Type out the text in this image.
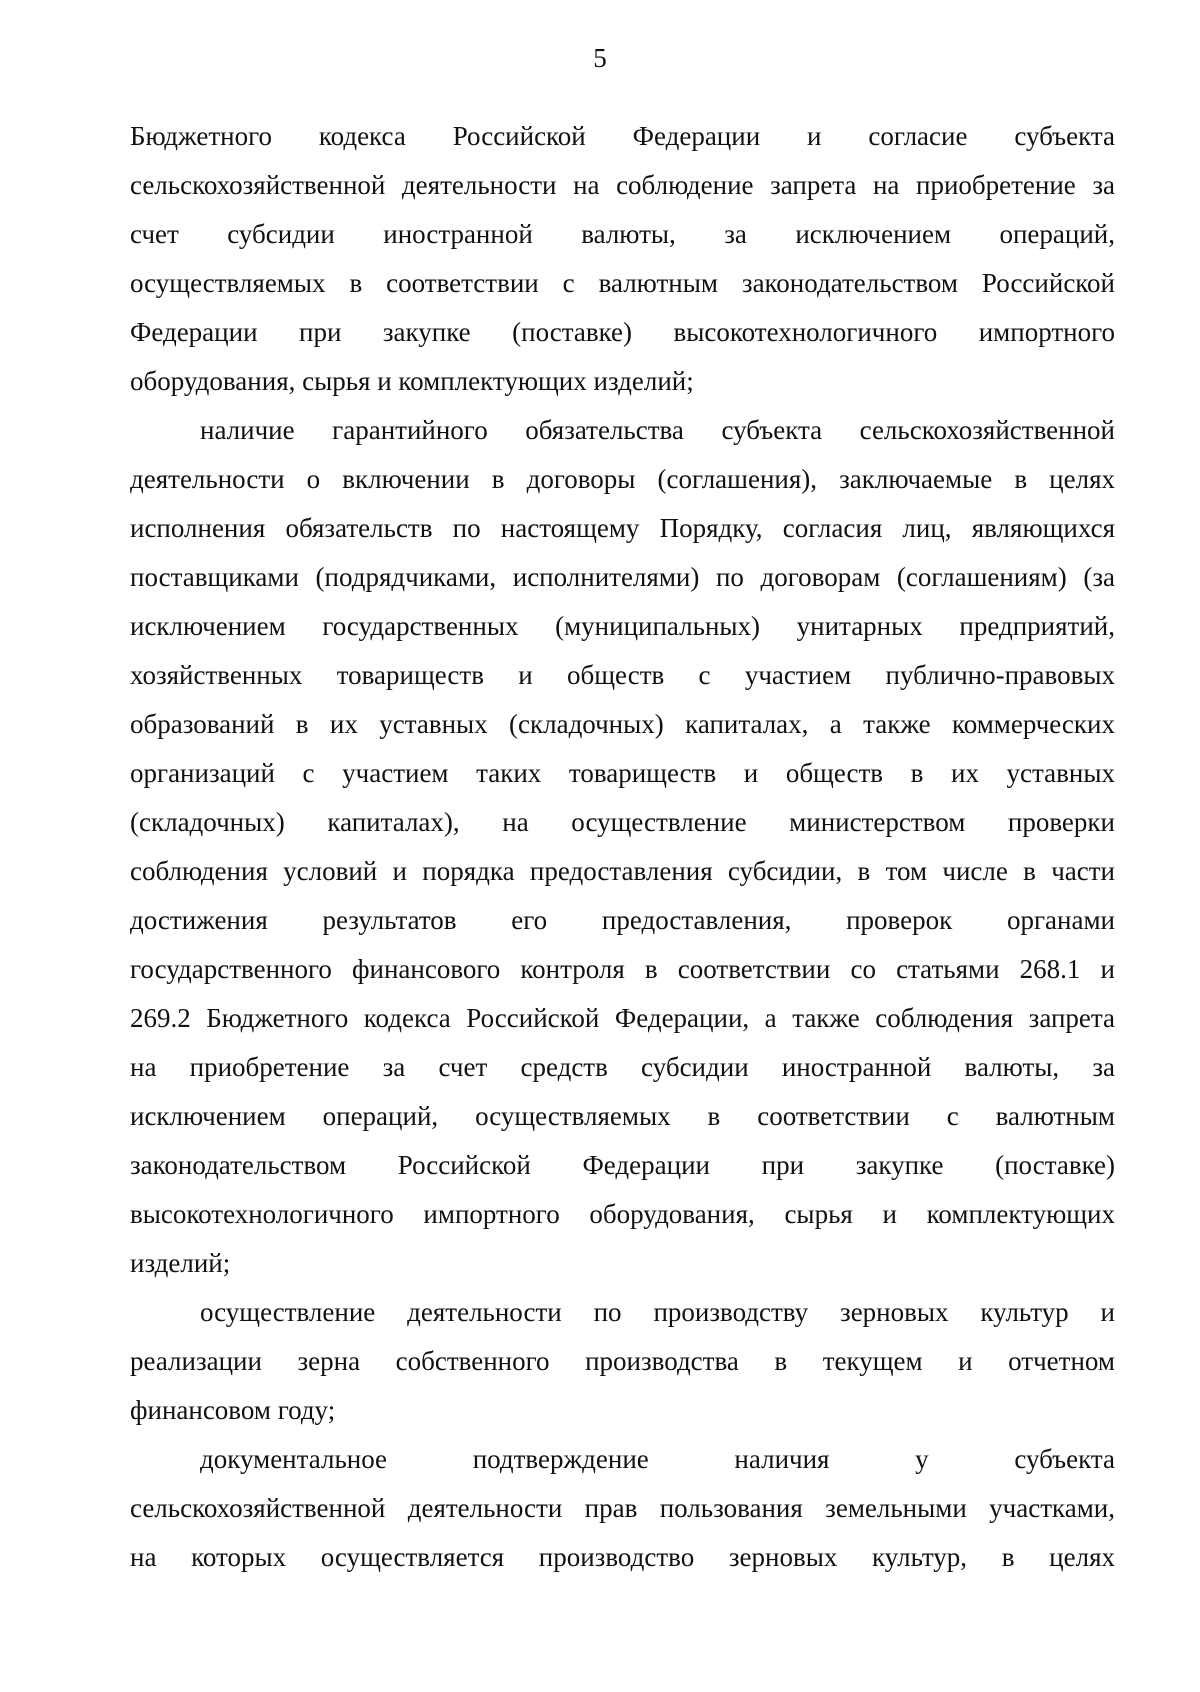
5

Бюджетного кодекса Российской Федерации и согласие субъекта
сельскохозяйственной деятельности на соблюдение запрета на приобретение за
счет субсидии иностранной валюты, за исключением операций,
осуществляемых в соответствии с валютным законодательством Российской
Федерации при закупке (поставке) высокотехнологичного импортного
оборудования, сырья и комплектующих изделий;

наличие гарантийного обязательства субъекта сельскохозяйственной
деятельности о включении в договоры (соглашения), заключаемые в целях
исполнения обязательств по настоящему Порядку, согласия лиц, являющихся
поставщиками (подрядчиками, исполнителями) по договорам (соглашениям) (за
исключением государственных (муниципальных) унитарных предприятий,
хозяйственных товариществ и обществ с участием публично-правовых
образований в их уставных (складочных) капиталах, а также коммерческих
организаций с участием таких товариществ и обществ в их уставных
(складочных) капиталах), на осуществление министерством проверки
соблюдения условий и порядка предоставления субсидии, в том числе в части
достижения результатов его предоставления, проверок органами
государственного финансового контроля в соответствии со статьями 268.1 и
269.2 Бюджетного кодекса Российской Федерации, а также соблюдения запрета
на приобретение за счет средств субсидии иностранной валюты, за
исключением операций, осуществляемых в соответствии с валютным
законодательством Российской Федерации при закупке (поставке)
высокотехнологичного импортного оборудования, сырья и комплектующих
изделий;

осуществление деятельности по производству зерновых культур и
реализации зерна собственного производства в текущем и отчетном
финансовом году;

документальное подтверждение наличия у субъекта
сельскохозяйственной деятельности прав пользования земельными участками,
на которых осуществляется производство зерновых культур, в целях
